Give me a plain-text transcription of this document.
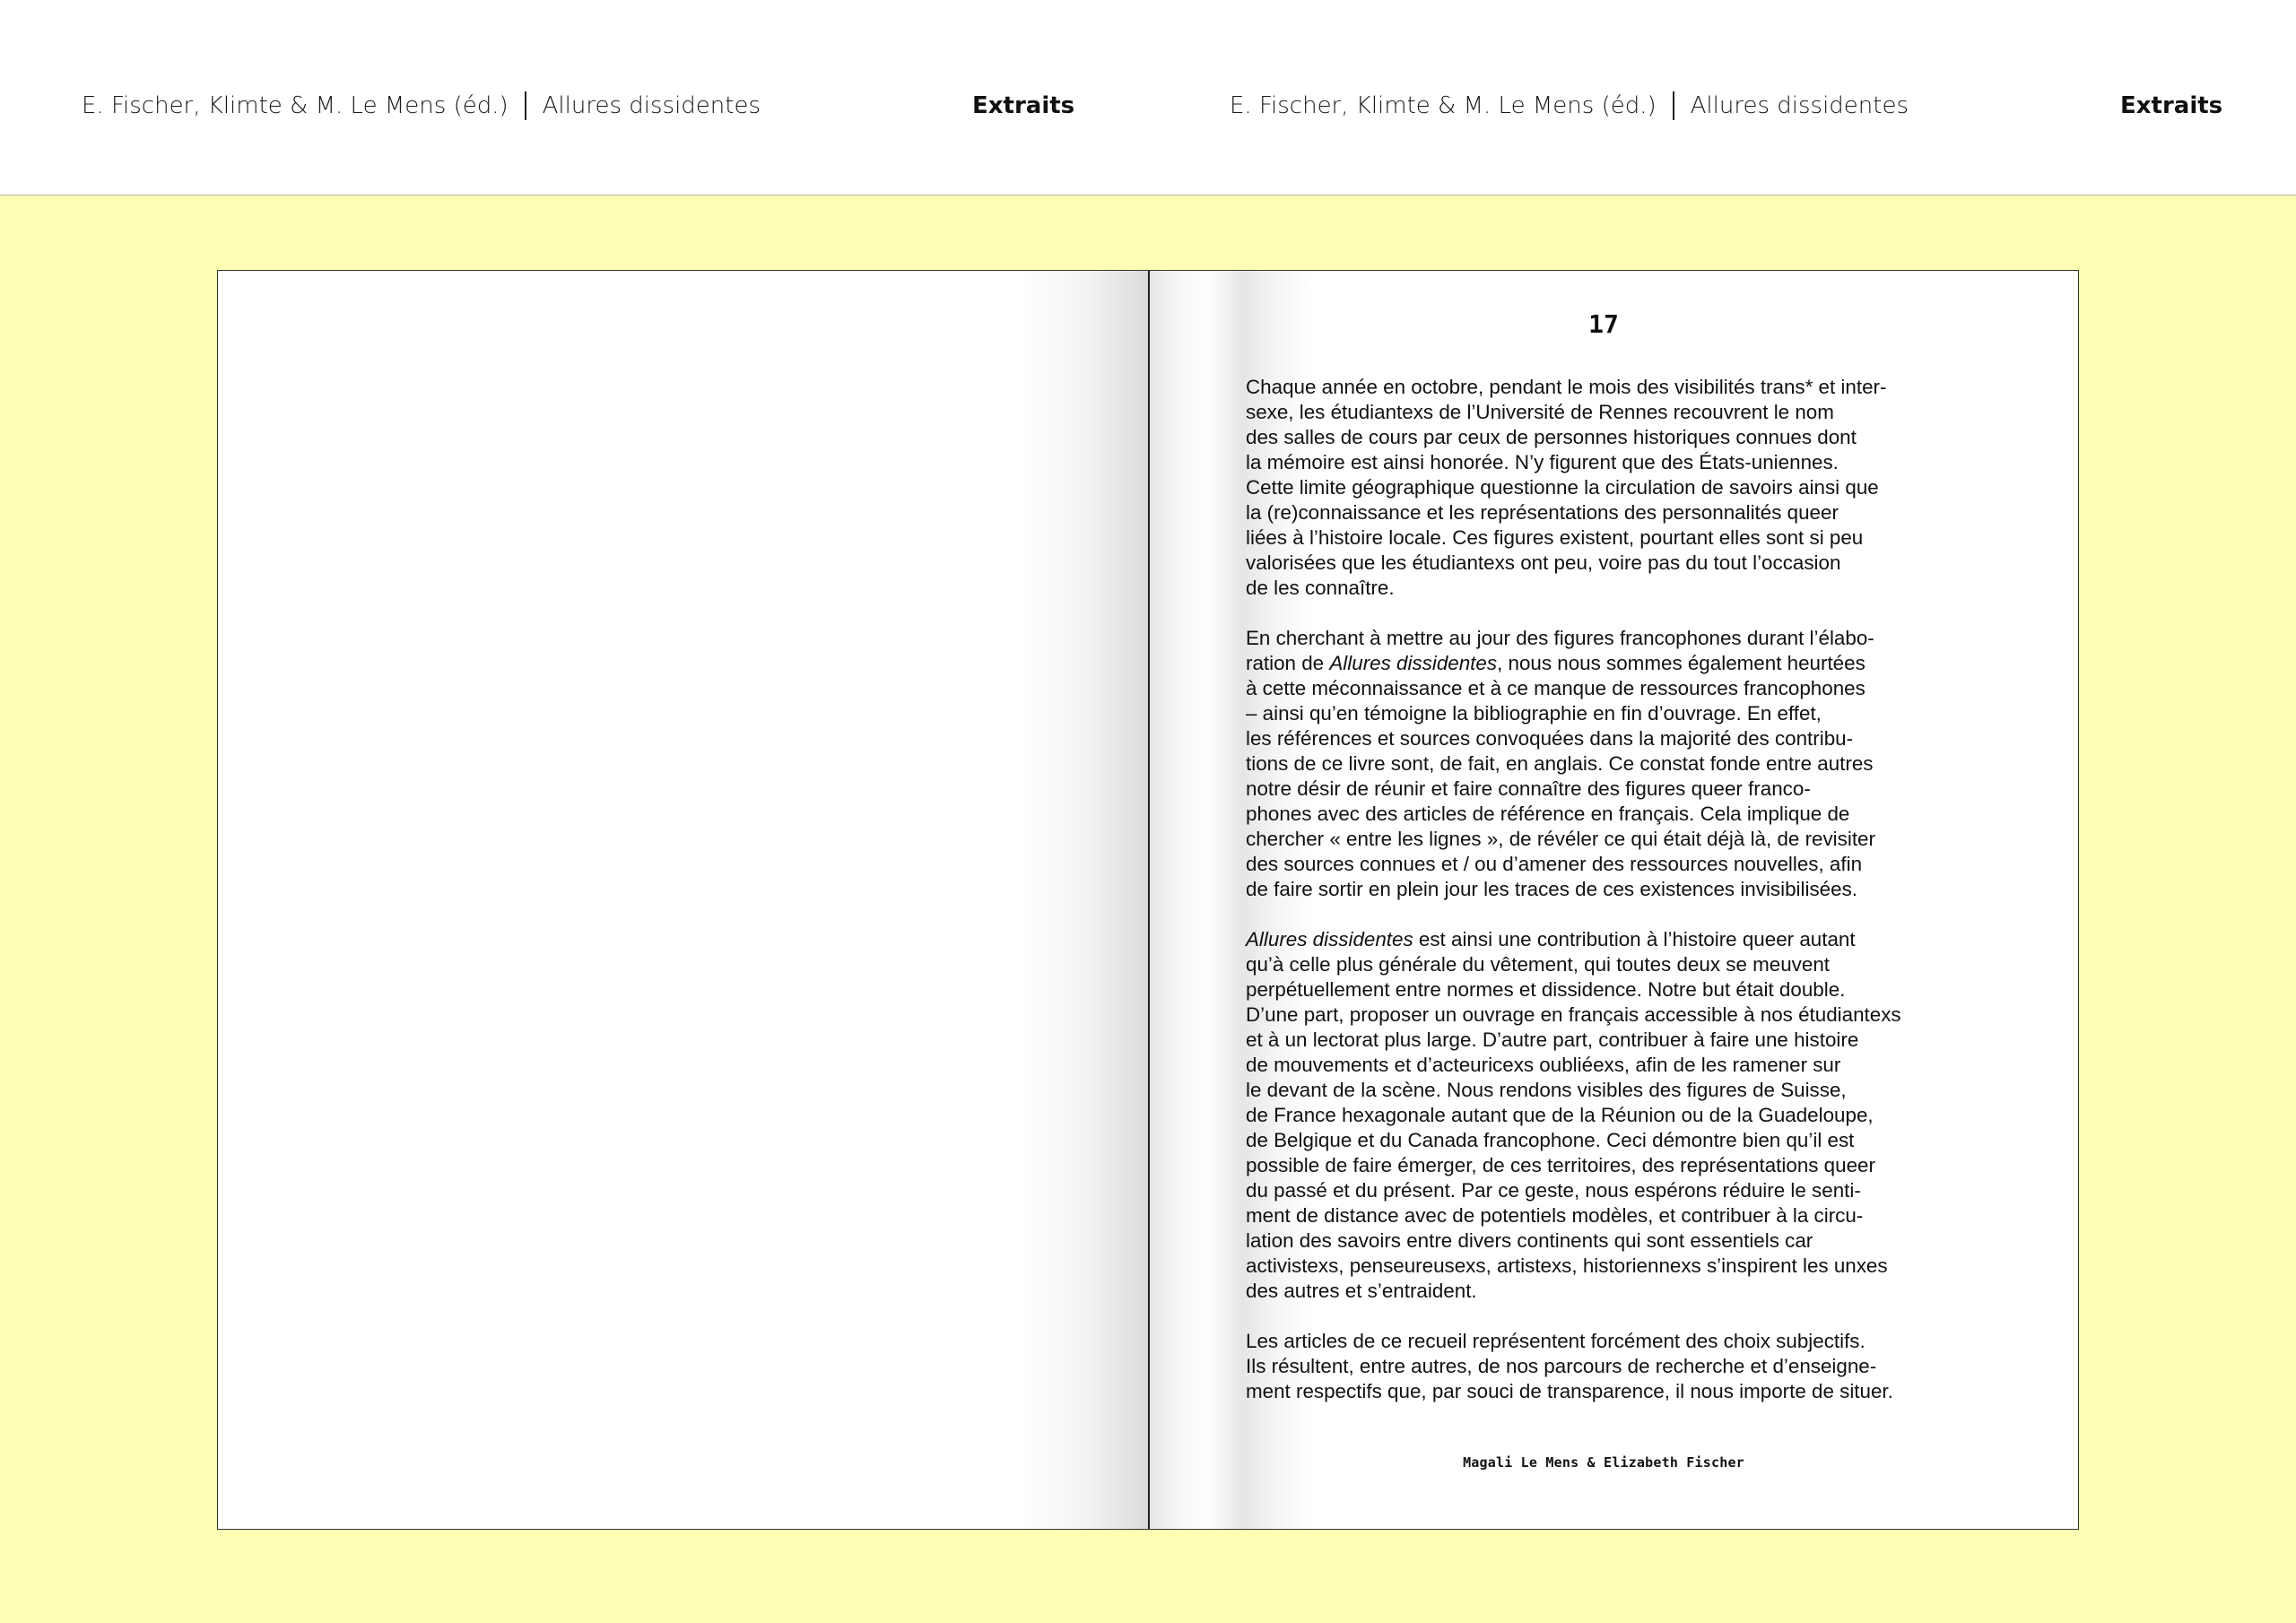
E. Fischer, Klimte & M. Le Mens (éd.) Allures dissidentes	Extraits	E. Fischer, Klimte & M. Le Mens (éd.) Allures dissidentes	Extraits
17

Chaque année en octobre, pendant le mois des visibilités trans* et inter-
sexe, les étudiantexs de l’Université de Rennes recouvrent le nom
des salles de cours par ceux de personnes historiques connues dont
la mémoire est ainsi honorée. N’y figurent que des États-uniennes.
Cette limite géographique questionne la circulation de savoirs ainsi que
la (re)connaissance et les représentations des personnalités queer
liées à l’histoire locale. Ces figures existent, pourtant elles sont si peu
valorisées que les étudiantexs ont peu, voire pas du tout l’occasion
de les connaître.

En cherchant à mettre au jour des figures francophones durant l’élabo-
ration de Allures dissidentes, nous nous sommes également heurtées
à cette méconnaissance et à ce manque de ressources francophones
– ainsi qu’en témoigne la bibliographie en fin d’ouvrage. En effet,
les références et sources convoquées dans la majorité des contribu-
tions de ce livre sont, de fait, en anglais. Ce constat fonde entre autres
notre désir de réunir et faire connaître des figures queer franco-
phones avec des articles de référence en français. Cela implique de
chercher « entre les lignes », de révéler ce qui était déjà là, de revisiter
des sources connues et / ou d’amener des ressources nouvelles, afin
de faire sortir en plein jour les traces de ces existences invisibilisées.

Allures dissidentes est ainsi une contribution à l’histoire queer autant
qu’à celle plus générale du vêtement, qui toutes deux se meuvent
perpétuellement entre normes et dissidence. Notre but était double.
D’une part, proposer un ouvrage en français accessible à nos étudiantexs
et à un lectorat plus large. D’autre part, contribuer à faire une histoire
de mouvements et d’acteuricexs oubliéexs, afin de les ramener sur
le devant de la scène. Nous rendons visibles des figures de Suisse,
de France hexagonale autant que de la Réunion ou de la Guadeloupe,
de Belgique et du Canada francophone. Ceci démontre bien qu’il est
possible de faire émerger, de ces territoires, des représentations queer
du passé et du présent. Par ce geste, nous espérons réduire le senti-
ment de distance avec de potentiels modèles, et contribuer à la circu-
lation des savoirs entre divers continents qui sont essentiels car
activistexs, penseureusexs, artistexs, historiennexs s’inspirent les unxes
des autres et s’entraident.

Les articles de ce recueil représentent forcément des choix subjectifs.
Ils résultent, entre autres, de nos parcours de recherche et d’enseigne-
ment respectifs que, par souci de transparence, il nous importe de situer.

Magali Le Mens & Elizabeth Fischer
